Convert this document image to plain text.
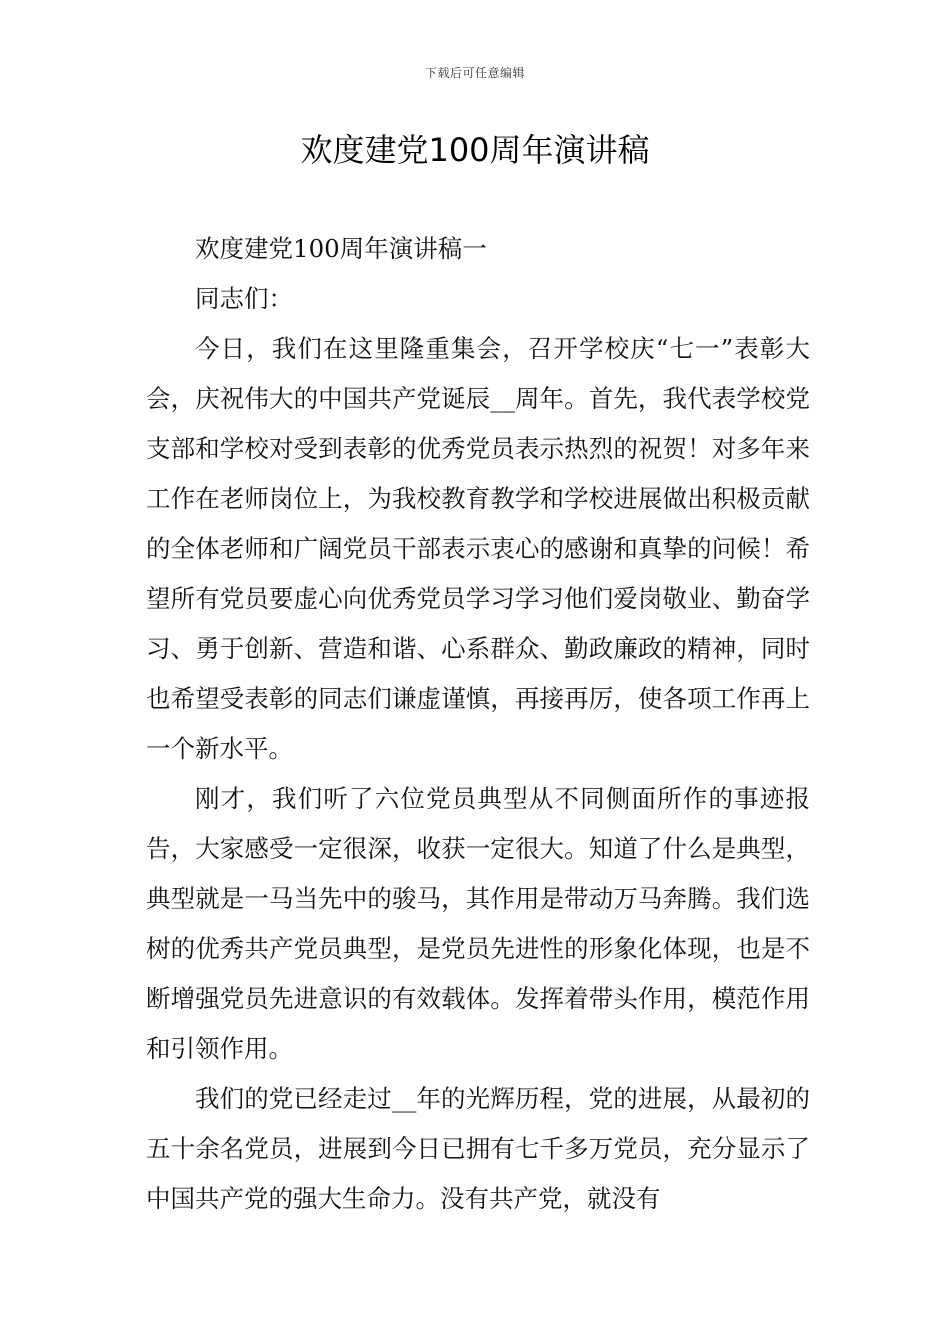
下载后可任意编辑
欢度建党100周年演讲稿

欢度建党100周年演讲稿一

同志们：

今日，我们在这里隆重集会，召开学校庆“七一”表彰大会，庆祝伟大的中国共产党诞辰__周年。首先，我代表学校党支部和学校对受到表彰的优秀党员表示热烈的祝贺！对多年来工作在老师岗位上，为我校教育教学和学校进展做出积极贡献的全体老师和广阔党员干部表示衷心的感谢和真挚的问候！希望所有党员要虚心向优秀党员学习学习他们爱岗敬业、勤奋学习、勇于创新、营造和谐、心系群众、勤政廉政的精神，同时也希望受表彰的同志们谦虚谨慎，再接再厉，使各项工作再上一个新水平。

刚才，我们听了六位党员典型从不同侧面所作的事迹报告，大家感受一定很深，收获一定很大。知道了什么是典型，典型就是一马当先中的骏马，其作用是带动万马奔腾。我们选树的优秀共产党员典型，是党员先进性的形象化体现，也是不断增强党员先进意识的有效载体。发挥着带头作用，模范作用和引领作用。

我们的党已经走过__年的光辉历程，党的进展，从最初的五十余名党员，进展到今日已拥有七千多万党员，充分显示了中国共产党的强大生命力。没有共产党，就没有
